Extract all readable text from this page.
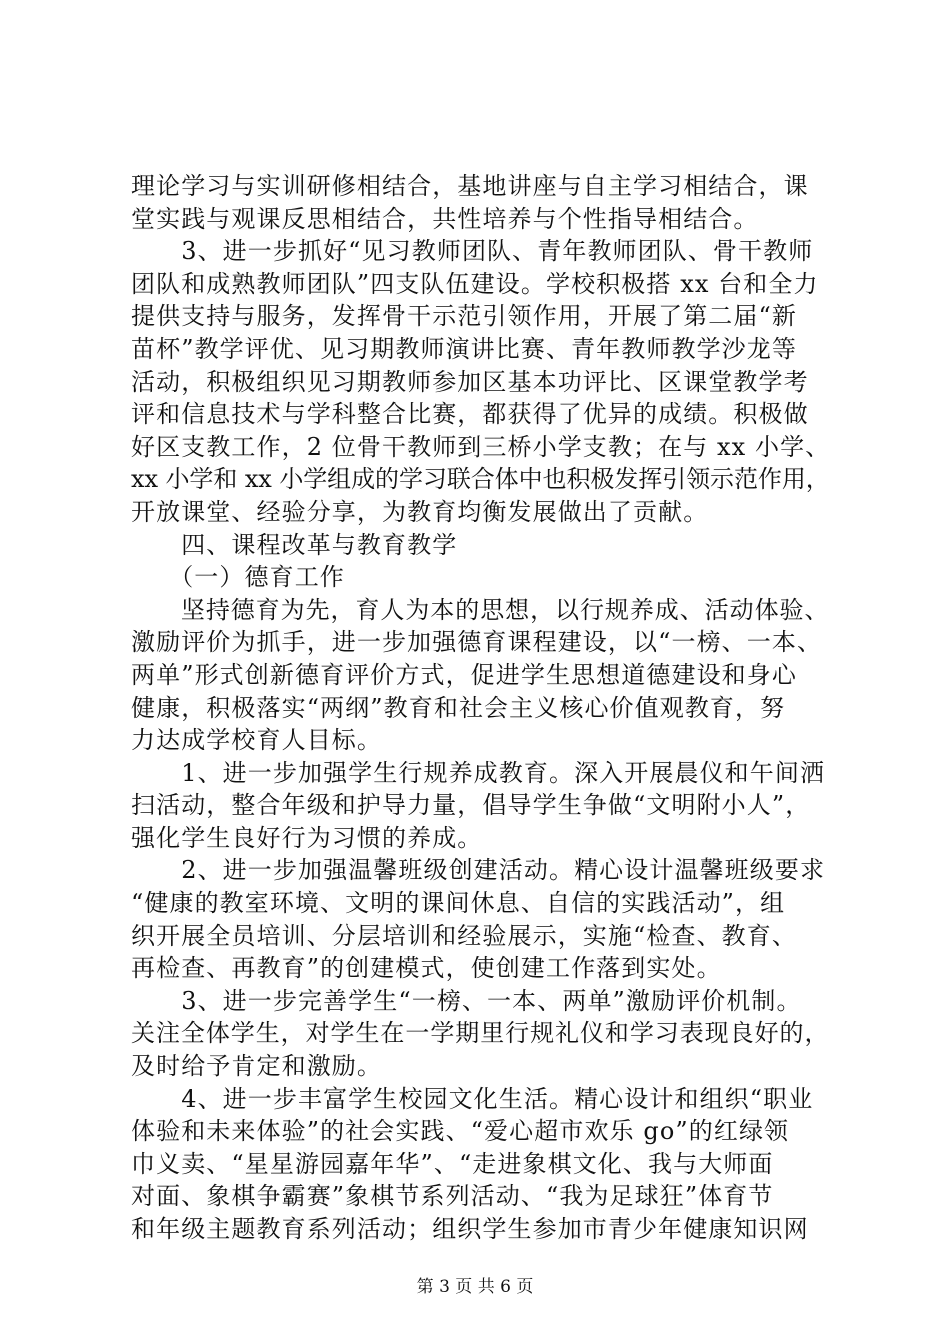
理论学习与实训研修相结合，基地讲座与自主学习相结合，课
堂实践与观课反思相结合，共性培养与个性指导相结合。
　　3、进一步抓好“见习教师团队、青年教师团队、骨干教师
团队和成熟教师团队”四支队伍建设。学校积极搭 xx 台和全力
提供支持与服务，发挥骨干示范引领作用，开展了第二届“新
苗杯”教学评优、见习期教师演讲比赛、青年教师教学沙龙等
活动，积极组织见习期教师参加区基本功评比、区课堂教学考
评和信息技术与学科整合比赛，都获得了优异的成绩。积极做
好区支教工作，2 位骨干教师到三桥小学支教；在与 xx 小学、
xx 小学和 xx 小学组成的学习联合体中也积极发挥引领示范作用，
开放课堂、经验分享，为教育均衡发展做出了贡献。
　　四、课程改革与教育教学
　　（一）德育工作
　　坚持德育为先，育人为本的思想，以行规养成、活动体验、
激励评价为抓手，进一步加强德育课程建设，以“一榜、一本、
两单”形式创新德育评价方式，促进学生思想道德建设和身心
健康，积极落实“两纲”教育和社会主义核心价值观教育，努
力达成学校育人目标。
　　1、进一步加强学生行规养成教育。深入开展晨仪和午间洒
扫活动，整合年级和护导力量，倡导学生争做“文明附小人”，
强化学生良好行为习惯的养成。
　　2、进一步加强温馨班级创建活动。精心设计温馨班级要求
“健康的教室环境、文明的课间休息、自信的实践活动”，组
织开展全员培训、分层培训和经验展示，实施“检查、教育、
再检查、再教育”的创建模式，使创建工作落到实处。
　　3、进一步完善学生“一榜、一本、两单”激励评价机制。
关注全体学生，对学生在一学期里行规礼仪和学习表现良好的，
及时给予肯定和激励。
　　4、进一步丰富学生校园文化生活。精心设计和组织“职业
体验和未来体验”的社会实践、“爱心超市欢乐 go”的红绿领
巾义卖、“星星游园嘉年华”、“走进象棋文化、我与大师面
对面、象棋争霸赛”象棋节系列活动、“我为足球狂”体育节
和年级主题教育系列活动；组织学生参加市青少年健康知识网
第 3 页 共 6 页
